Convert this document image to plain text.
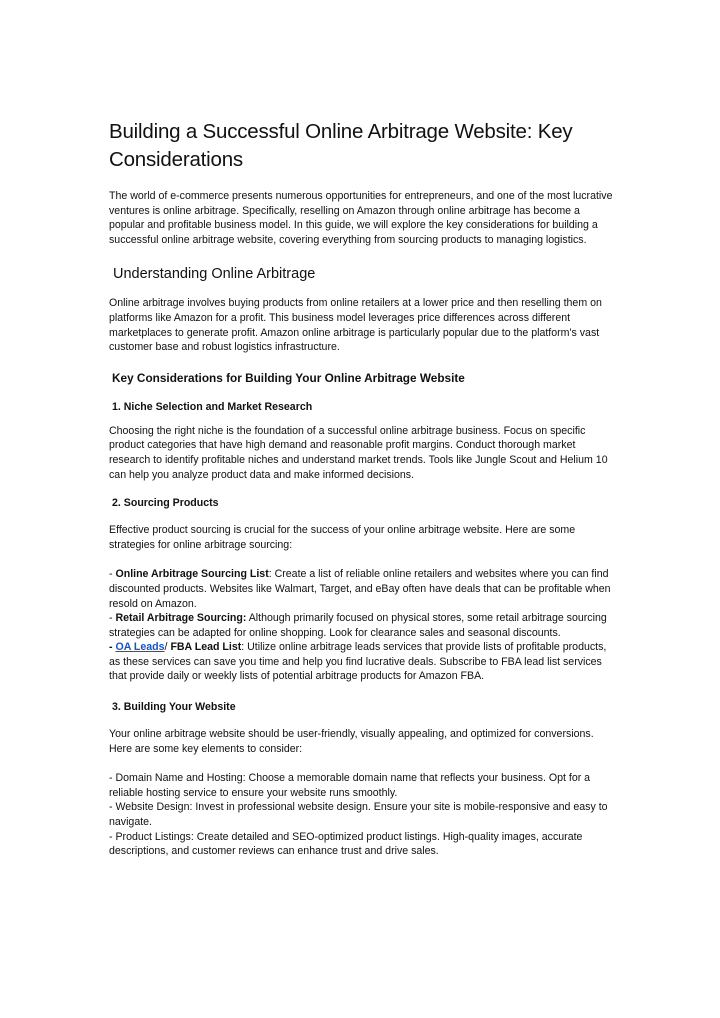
Building a Successful Online Arbitrage Website: Key Considerations

The world of e-commerce presents numerous opportunities for entrepreneurs, and one of the most lucrative ventures is online arbitrage. Specifically, reselling on Amazon through online arbitrage has become a popular and profitable business model. In this guide, we will explore the key considerations for building a successful online arbitrage website, covering everything from sourcing products to managing logistics.

Understanding Online Arbitrage

Online arbitrage involves buying products from online retailers at a lower price and then reselling them on platforms like Amazon for a profit. This business model leverages price differences across different marketplaces to generate profit. Amazon online arbitrage is particularly popular due to the platform's vast customer base and robust logistics infrastructure.

Key Considerations for Building Your Online Arbitrage Website
1. Niche Selection and Market Research

Choosing the right niche is the foundation of a successful online arbitrage business. Focus on specific product categories that have high demand and reasonable profit margins. Conduct thorough market research to identify profitable niches and understand market trends. Tools like Jungle Scout and Helium 10 can help you analyze product data and make informed decisions.

2. Sourcing Products

Effective product sourcing is crucial for the success of your online arbitrage website. Here are some strategies for online arbitrage sourcing:

- Online Arbitrage Sourcing List: Create a list of reliable online retailers and websites where you can find discounted products. Websites like Walmart, Target, and eBay often have deals that can be profitable when resold on Amazon.

- Retail Arbitrage Sourcing: Although primarily focused on physical stores, some retail arbitrage sourcing strategies can be adapted for online shopping. Look for clearance sales and seasonal discounts.

- OA Leads/ FBA Lead List: Utilize online arbitrage leads services that provide lists of profitable products, as these services can save you time and help you find lucrative deals. Subscribe to FBA lead list services that provide daily or weekly lists of potential arbitrage products for Amazon FBA.

3. Building Your Website

Your online arbitrage website should be user-friendly, visually appealing, and optimized for conversions. Here are some key elements to consider:

- Domain Name and Hosting: Choose a memorable domain name that reflects your business. Opt for a reliable hosting service to ensure your website runs smoothly.

- Website Design: Invest in professional website design. Ensure your site is mobile-responsive and easy to navigate.

- Product Listings: Create detailed and SEO-optimized product listings. High-quality images, accurate descriptions, and customer reviews can enhance trust and drive sales.
